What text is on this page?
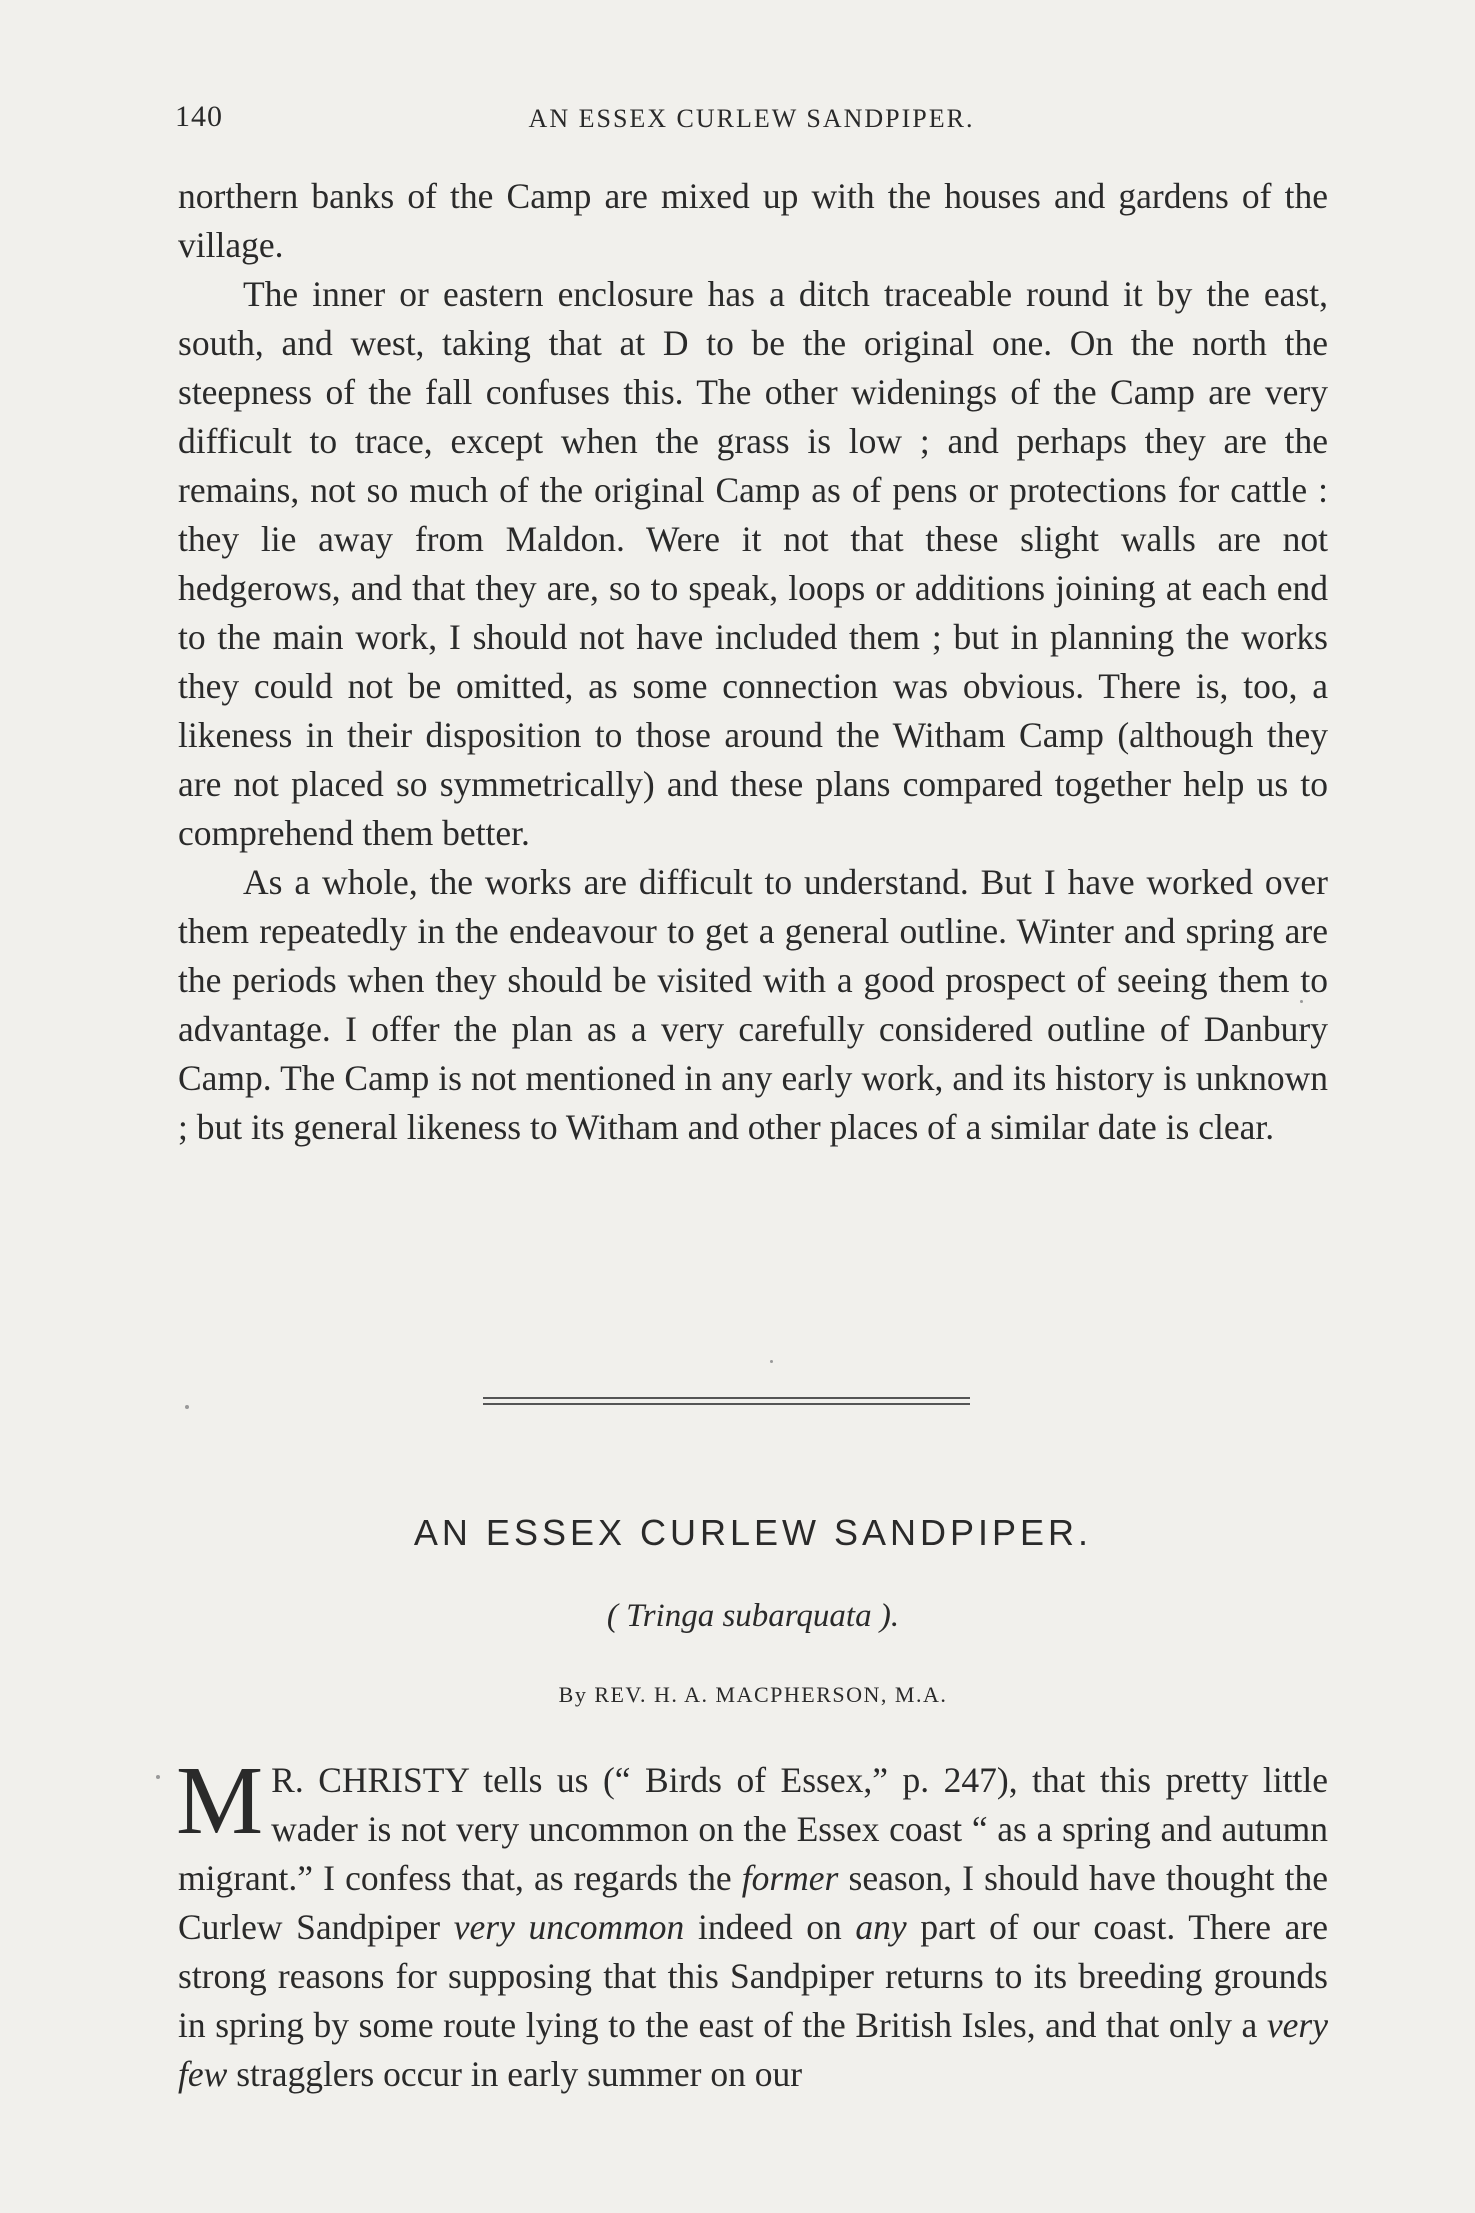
140	AN ESSEX CURLEW SANDPIPER.

northern banks of the Camp are mixed up with the houses and gardens of the village.

The inner or eastern enclosure has a ditch traceable round it by the east, south, and west, taking that at D to be the original one. On the north the steepness of the fall confuses this. The other widenings of the Camp are very difficult to trace, except when the grass is low ; and perhaps they are the remains, not so much of the original Camp as of pens or protections for cattle : they lie away from Maldon. Were it not that these slight walls are not hedgerows, and that they are, so to speak, loops or additions joining at each end to the main work, I should not have included them ; but in planning the works they could not be omitted, as some connection was obvious. There is, too, a likeness in their disposition to those around the Witham Camp (although they are not placed so symmetrically) and these plans compared together help us to comprehend them better.

As a whole, the works are difficult to understand. But I have worked over them repeatedly in the endeavour to get a general outline. Winter and spring are the periods when they should be visited with a good prospect of seeing them to advantage. I offer the plan as a very carefully considered outline of Danbury Camp. The Camp is not mentioned in any early work, and its history is unknown ; but its general likeness to Witham and other places of a similar date is clear.

AN ESSEX CURLEW SANDPIPER.

( Tringa subarquata ).

By REV. H. A. MACPHERSON, M.A.

M R. CHRISTY tells us (“ Birds of Essex,” p. 247), that this pretty little wader is not very uncommon on the Essex coast “ as a spring and autumn migrant.” I confess that, as regards the former season, I should have thought the Curlew Sandpiper very uncommon indeed on any part of our coast. There are strong reasons for supposing that this Sandpiper returns to its breeding grounds in spring by some route lying to the east of the British Isles, and that only a very few stragglers occur in early summer on our
